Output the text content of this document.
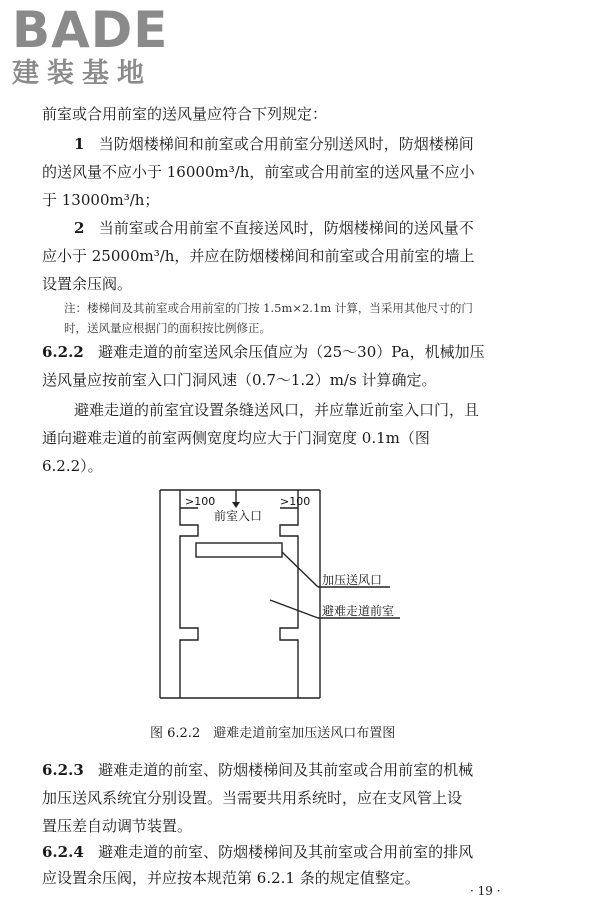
BADE
建装基地
前室或合用前室的送风量应符合下列规定：
1 当防烟楼梯间和前室或合用前室分别送风时，防烟楼梯间
的送风量不应小于 16000m³/h，前室或合用前室的送风量不应小
于 13000m³/h；
2 当前室或合用前室不直接送风时，防烟楼梯间的送风量不
应小于 25000m³/h，并应在防烟楼梯间和前室或合用前室的墙上
设置余压阀。
注：楼梯间及其前室或合用前室的门按 1.5m×2.1m 计算，当采用其他尺寸的门
时，送风量应根据门的面积按比例修正。
6.2.2 避难走道的前室送风余压值应为（25～30）Pa，机械加压
送风量应按前室入口门洞风速（0.7～1.2）m/s 计算确定。
避难走道的前室宜设置条缝送风口，并应靠近前室入口门，且
通向避难走道的前室两侧宽度均应大于门洞宽度 0.1m（图
6.2.2）。
>100	>100
前室入口
加压送风口
避难走道前室
图 6.2.2　避难走道前室加压送风口布置图
6.2.3 避难走道的前室、防烟楼梯间及其前室或合用前室的机械
加压送风系统宜分别设置。当需要共用系统时，应在支风管上设
置压差自动调节装置。
6.2.4 避难走道的前室、防烟楼梯间及其前室或合用前室的排风
应设置余压阀，并应按本规范第 6.2.1 条的规定值整定。
· 19 ·
